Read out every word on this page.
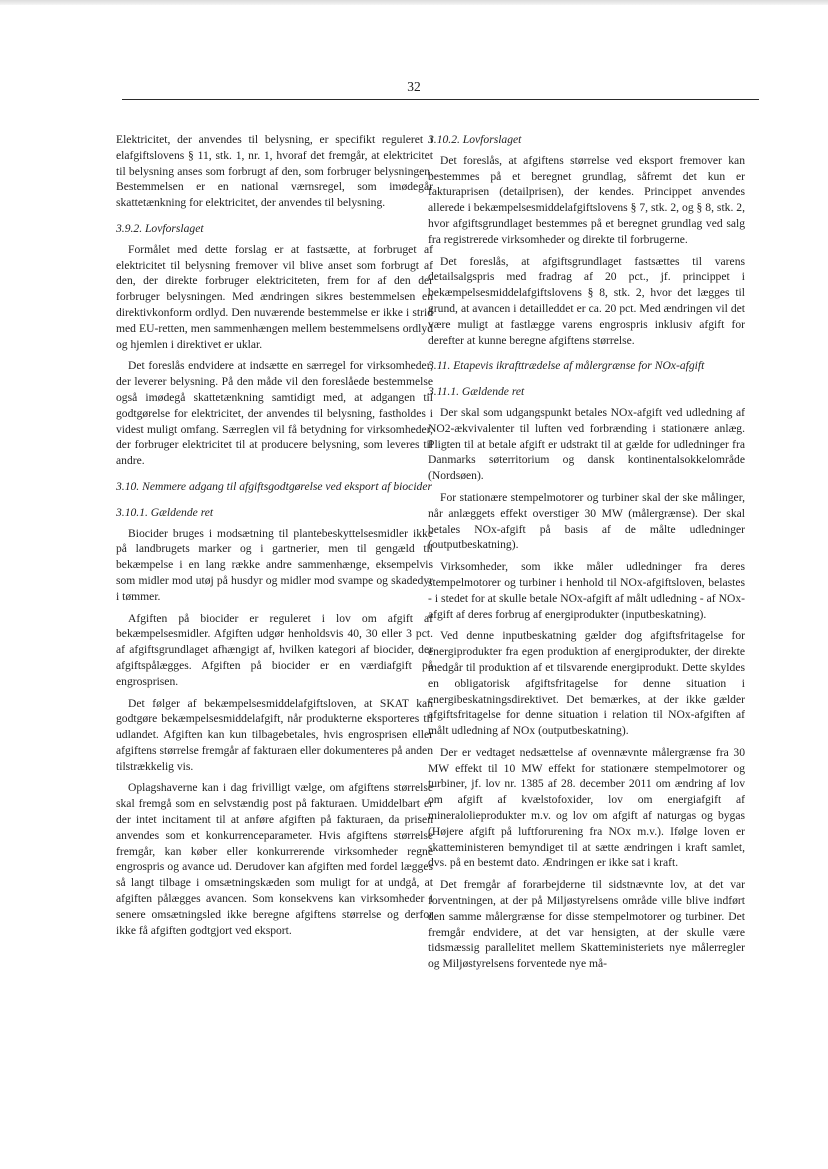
32

Elektricitet, der anvendes til belysning, er specifikt reguleret i elafgiftslovens § 11, stk. 1, nr. 1, hvoraf det fremgår, at elektricitet til belysning anses som forbrugt af den, som forbruger belysningen. Bestemmelsen er en national værnsregel, som imødegår skattetænkning for elektricitet, der anvendes til belysning.

3.9.2. Lovforslaget

Formålet med dette forslag er at fastsætte, at forbruget af elektricitet til belysning fremover vil blive anset som forbrugt af den, der direkte forbruger elektriciteten, frem for af den der forbruger belysningen. Med ændringen sikres bestemmelsen en direktivkonform ordlyd. Den nuværende bestemmelse er ikke i strid med EU-retten, men sammenhængen mellem bestemmelsens ordlyd og hjemlen i direktivet er uklar.

Det foreslås endvidere at indsætte en særregel for virksomheder, der leverer belysning. På den måde vil den foreslåede bestemmelse også imødegå skattetænkning samtidigt med, at adgangen til godtgørelse for elektricitet, der anvendes til belysning, fastholdes i videst muligt omfang. Særreglen vil få betydning for virksomheder, der forbruger elektricitet til at producere belysning, som leveres til andre.

3.10. Nemmere adgang til afgiftsgodtgørelse ved eksport af biocider
3.10.1. Gældende ret

Biocider bruges i modsætning til plantebeskyttelsesmidler ikke på landbrugets marker og i gartnerier, men til gengæld til bekæmpelse i en lang række andre sammenhænge, eksempelvis som midler mod utøj på husdyr og midler mod svampe og skadedyr i tømmer.

Afgiften på biocider er reguleret i lov om afgift af bekæmpelsesmidler. Afgiften udgør henholdsvis 40, 30 eller 3 pct. af afgiftsgrundlaget afhængigt af, hvilken kategori af biocider, der afgiftspålægges. Afgiften på biocider er en værdiafgift på engrosprisen.

Det følger af bekæmpelsesmiddelafgiftsloven, at SKAT kan godtgøre bekæmpelsesmiddelafgift, når produkterne eksporteres til udlandet. Afgiften kan kun tilbagebetales, hvis engrosprisen eller afgiftens størrelse fremgår af fakturaen eller dokumenteres på anden tilstrækkelig vis.

Oplagshaverne kan i dag frivilligt vælge, om afgiftens størrelse skal fremgå som en selvstændig post på fakturaen. Umiddelbart er der intet incitament til at anføre afgiften på fakturaen, da prisen anvendes som et konkurrenceparameter. Hvis afgiftens størrelse fremgår, kan køber eller konkurrerende virksomheder regne engrospris og avance ud. Derudover kan afgiften med fordel lægges så langt tilbage i omsætningskæden som muligt for at undgå, at afgiften pålægges avancen. Som konsekvens kan virksomheder i senere omsætningsled ikke beregne afgiftens størrelse og derfor ikke få afgiften godtgjort ved eksport.

3.10.2. Lovforslaget

Det foreslås, at afgiftens størrelse ved eksport fremover kan bestemmes på et beregnet grundlag, såfremt det kun er fakturaprisen (detailprisen), der kendes. Princippet anvendes allerede i bekæmpelsesmiddelafgiftslovens § 7, stk. 2, og § 8, stk. 2, hvor afgiftsgrundlaget bestemmes på et beregnet grundlag ved salg fra registrerede virksomheder og direkte til forbrugerne.

Det foreslås, at afgiftsgrundlaget fastsættes til varens detailsalgspris med fradrag af 20 pct., jf. princippet i bekæmpelsesmiddelafgiftslovens § 8, stk. 2, hvor det lægges til grund, at avancen i detailleddet er ca. 20 pct. Med ændringen vil det være muligt at fastlægge varens engrospris inklusiv afgift for derefter at kunne beregne afgiftens størrelse.

3.11. Etapevis ikrafttrædelse af målergrænse for NOx-afgift
3.11.1. Gældende ret

Der skal som udgangspunkt betales NOx-afgift ved udledning af NO2-ækvivalenter til luften ved forbrænding i stationære anlæg. Pligten til at betale afgift er udstrakt til at gælde for udledninger fra Danmarks søterritorium og dansk kontinentalsokkelområde (Nordsøen).

For stationære stempelmotorer og turbiner skal der ske målinger, når anlæggets effekt overstiger 30 MW (målergrænse). Der skal betales NOx-afgift på basis af de målte udledninger (outputbeskatning).

Virksomheder, som ikke måler udledninger fra deres stempelmotorer og turbiner i henhold til NOx-afgiftsloven, belastes - i stedet for at skulle betale NOx-afgift af målt udledning - af NOx-afgift af deres forbrug af energiprodukter (inputbeskatning).

Ved denne inputbeskatning gælder dog afgiftsfritagelse for energiprodukter fra egen produktion af energiprodukter, der direkte medgår til produktion af et tilsvarende energiprodukt. Dette skyldes en obligatorisk afgiftsfritagelse for denne situation i energibeskatningsdirektivet. Det bemærkes, at der ikke gælder afgiftsfritagelse for denne situation i relation til NOx-afgiften af målt udledning af NOx (outputbeskatning).

Der er vedtaget nedsættelse af ovennævnte målergrænse fra 30 MW effekt til 10 MW effekt for stationære stempelmotorer og turbiner, jf. lov nr. 1385 af 28. december 2011 om ændring af lov om afgift af kvælstofoxider, lov om energiafgift af mineralolieprodukter m.v. og lov om afgift af naturgas og bygas (Højere afgift på luftforurening fra NOx m.v.). Ifølge loven er skatteministeren bemyndiget til at sætte ændringen i kraft samlet, dvs. på en bestemt dato. Ændringen er ikke sat i kraft.

Det fremgår af forarbejderne til sidstnævnte lov, at det var forventningen, at der på Miljøstyrelsens område ville blive indført den samme målergrænse for disse stempelmotorer og turbiner. Det fremgår endvidere, at det var hensigten, at der skulle være tidsmæssig parallelitet mellem Skatteministeriets nye målerregler og Miljøstyrelsens forventede nye må-
